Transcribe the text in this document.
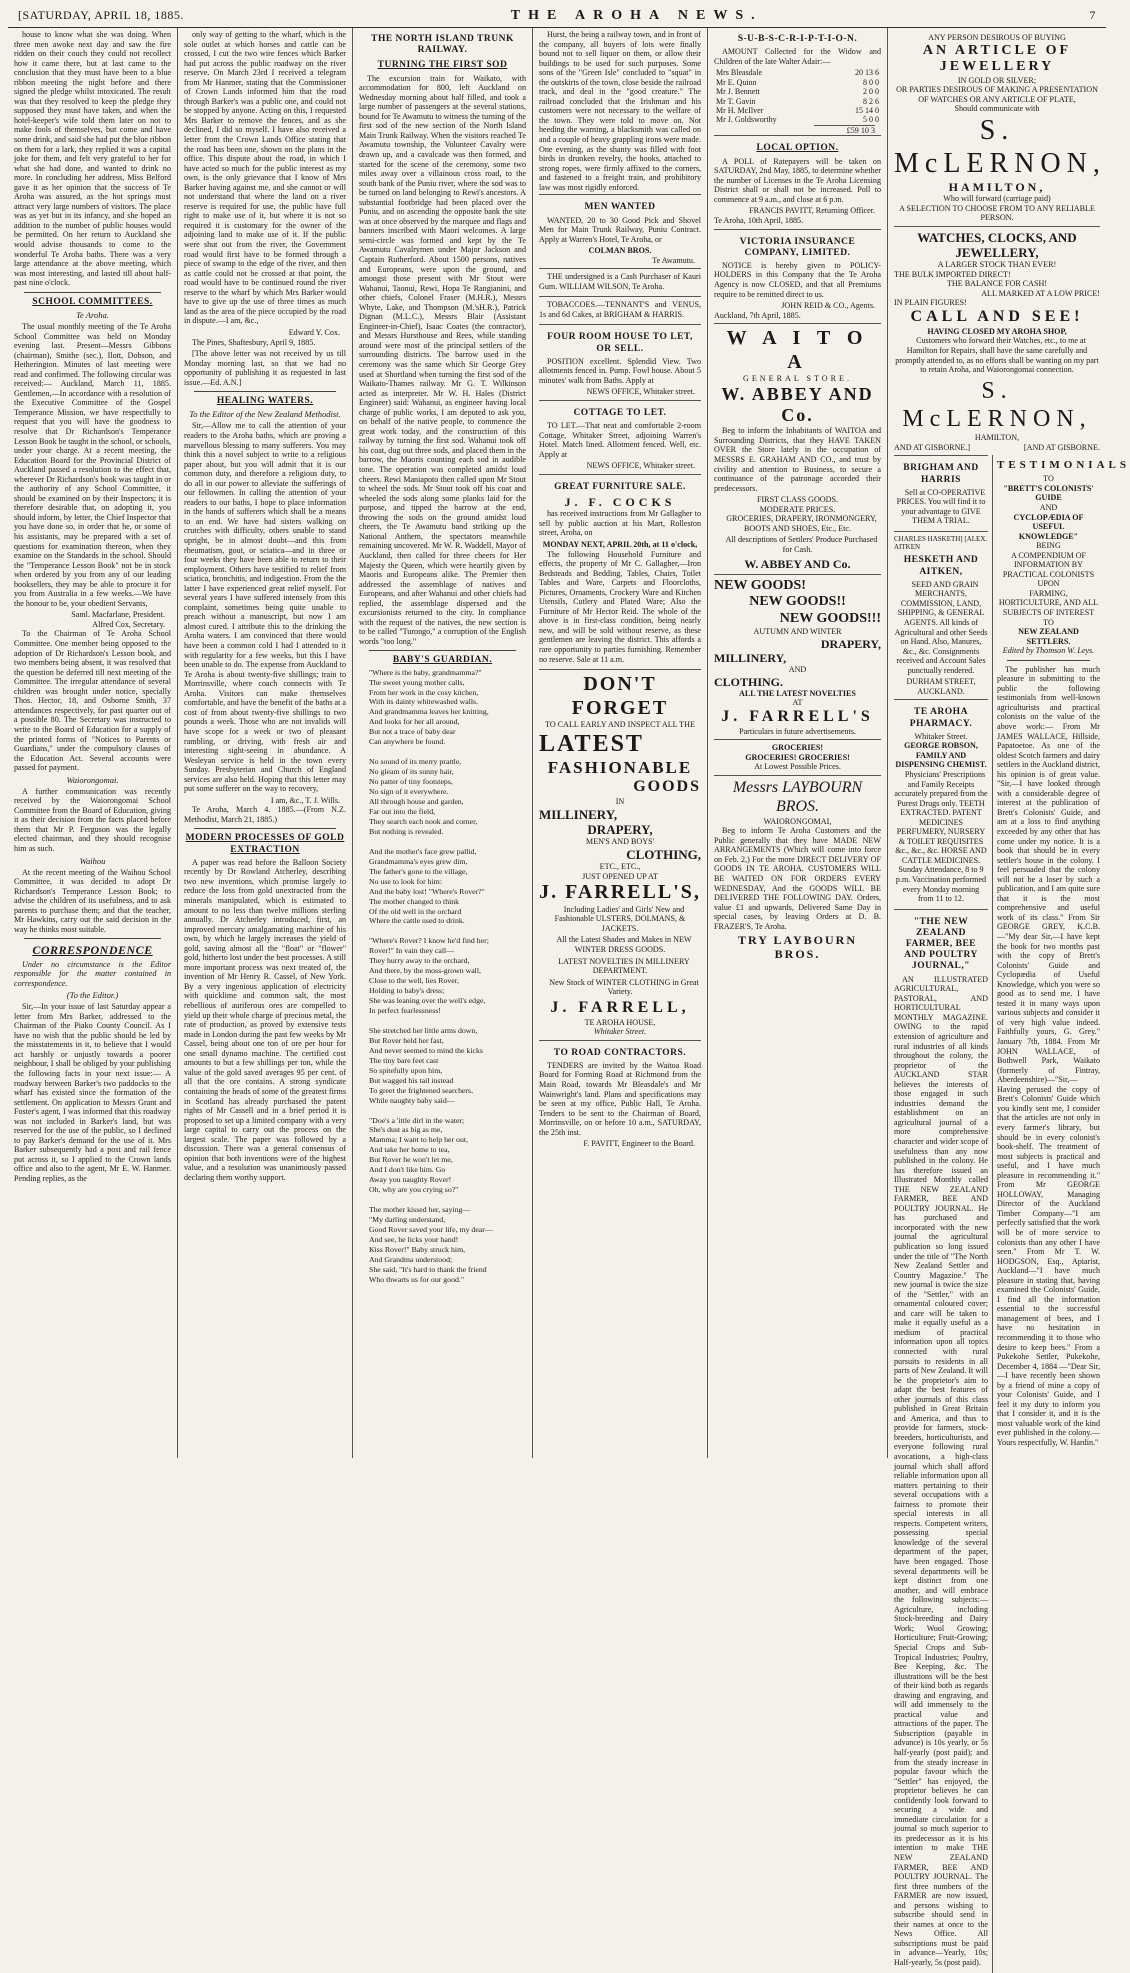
[SATURDAY, APRIL 18, 1885.	THE AROHA NEWS.	7

house to know what she was doing. When three men awoke next day and saw the fire ridden on their couch they could not recollect how it came there, but at last came to the conclusion that they must have been to a blue ribbon meeting the night before and there signed the pledge whilst intoxicated. The result was that they resolved to keep the pledge they supposed they must have taken, and when the hotel-keeper's wife told them later on not to make fools of themselves, but come and have some drink, and said she had put the blue ribbon on them for a lark, they replied it was a capital joke for them, and felt very grateful to her for what she had done, and wanted to drink no more. In concluding her address, Miss Belford gave it as her opinion that the success of Te Aroha was assured, as the hot springs must attract very large numbers of visitors. The place was as yet but in its infancy, and she hoped an addition to the number of public houses would be permitted. On her return to Auckland she would advise thousands to come to the wonderful Te Aroha baths. There was a very large attendance at the above meeting, which was most interesting, and lasted till about half-past nine o'clock.

SCHOOL COMMITTEES.
Te Aroha.

The usual monthly meeting of the Te Aroha School Committee was held on Monday evening last. Present—Messrs Gibbons (chairman), Smithe (sec.), Ilott, Dobson, and Hetherington. Minutes of last meeting were read and confirmed. The following circular was received:— Auckland, March 11, 1885. Gentlemen,—In accordance with a resolution of the Executive Committee of the Gospel Temperance Mission, we have respectfully to request that you will have the goodness to resolve that Dr Richardson's Temperance Lesson Book be taught in the school, or schools, under your charge. At a recent meeting, the Education Board for the Provincial District of Auckland passed a resolution to the effect that, wherever Dr Richardson's book was taught in or the authority of any School Committee, it should be examined on by their Inspectors; it is therefore desirable that, on adopting it, you should inform, by letter, the Chief Inspector that you have done so, in order that he, or some of his assistants, may be prepared with a set of questions for examination thereon, when they examine on the Standards in the school. Should the "Temperance Lesson Book" not be in stock when ordered by you from any of our leading booksellers, they may be able to procure it for you from Australia in a few weeks.—We have the honour to be, your obedient Servants,

Saml. Macfarlane, President.
Alfred Cox, Secretary.

To the Chairman of Te Aroha School Committee. One member being opposed to the adoption of Dr Richardson's Lesson book, and two members being absent, it was resolved that the question be deferred till next meeting of the Committee. The irregular attendance of several children was brought under notice, specially Thos. Hector, 18, and Osborne Smith, 37 attendances respectively, for past quarter out of a possible 80. The Secretary was instructed to write to the Board of Education for a supply of the printed forms of "Notices to Parents or Guardians," under the compulsory clauses of the Education Act. Several accounts were passed for payment.

Waiorongomai.

A further communication was recently received by the Waiorongomai School Committee from the Board of Education, giving it as their decision from the facts placed before them that Mr P. Ferguson was the legally elected chairman, and they should recognise him as such.

Waihou

At the recent meeting of the Waihou School Committee, it was decided to adopt Dr Richardson's Temperance Lesson Book; to advise the children of its usefulness, and to ask parents to purchase them; and that the teacher, Mr Hawkins, carry out the said decision in the way he thinks most suitable.

CORRESPONDENCE

Under no circumstance is the Editor responsible for the matter contained in correspondence.

(To the Editor.)

Sir,—In your issue of last Saturday appear a letter from Mrs Barker, addressed to the Chairman of the Piako County Council. As I have no wish that the public should be led by the misstatements in it, to believe that I would act harshly or unjustly towards a poorer neighbour, I shall be obliged by your publishing the following facts in your next issue:— A roadway between Barker's two paddocks to the wharf has existed since the formation of the settlement. On application to Messrs Grant and Foster's agent, I was informed that this roadway was not included in Barker's land, but was reserved for the use of the public, so I declined to pay Barker's demand for the use of it. Mrs Barker subsequently had a post and rail fence put across it, so I applied to the Crown lands office and also to the agent, Mr E. W. Hanmer. Pending replies, as the

only way of getting to the wharf, which is the sole outlet at which horses and cattle can be crossed, I cut the two wire fences which Barker had put across the public roadway on the river reserve. On March 23rd I received a telegram from Mr Hanmer, stating that the Commissioner of Crown Lands informed him that the road through Barker's was a public one, and could not be stopped by anyone. Acting on this, I requested Mrs Barker to remove the fences, and as she declined, I did so myself. I have also received a letter from the Crown Lands Office stating that the road has been one, shown on the plans in the office. This dispute about the road, in which I have acted so much for the public interest as my own, is the only grievance that I know of Mrs Barker having against me, and she cannot or will not understand that where the land on a river reserve is required for use, the public have full right to make use of it, but where it is not so required it is customary for the owner of the adjoining land to make use of it. If the public were shut out from the river, the Government road would first have to be formed through a piece of swamp to the edge of the river, and then as cattle could not be crossed at that point, the road would have to be continued round the river reserve to the wharf by which Mrs Barker would have to give up the use of three times as much land as the area of the piece occupied by the road in dispute.—I am, &c.,

Edward Y. Cox.

The Pines, Shaftesbury, April 9, 1885.

[The above letter was not received by us till Monday morning last, so that we had no opportunity of publishing it as requested in last issue.—Ed. A.N.]

HEALING WATERS.
To the Editor of the New Zealand Methodist.

Sir,—Allow me to call the attention of your readers to the Aroha baths, which are proving a marvellous blessing to many sufferers. You may think this a novel subject to write to a religious paper about, but you will admit that it is our common duty, and therefore a religious duty, to do all in our power to alleviate the sufferings of our fellowmen. In calling the attention of your readers to our baths, I hope to place information in the hands of sufferers which shall be a means to an end. We have had sisters walking on crutches with difficulty, others unable to stand upright, be in almost doubt—and this from rheumatism, gout, or sciatica—and in three or four weeks they have been able to return to their employment. Others have testified to relief from sciatica, bronchitis, and indigestion. From the the latter I have experienced great relief myself. For several years I have suffered intensely from this complaint, sometimes being quite unable to preach without a manuscript, but now I am almost cured. I attribute this to the drinking the Aroha waters. I am convinced that there would have been a common cold I had I attended to it with regularity for a few weeks, but this I have been unable to do. The expense from Auckland to Te Aroha is about twenty-five shillings; train to Morrinsville, where coach connects with Te Aroha. Visitors can make themselves comfortable, and have the benefit of the baths at a cost of from about twenty-five shillings to two pounds a week. Those who are not invalids will have scope for a week or two of pleasant rambling, or driving, with fresh air and interesting sight-seeing in abundance. A Wesleyan service is held in the town every Sunday. Presbyterian and Church of England services are also held. Hoping that this letter may put some sufferer on the way to recovery,

I am, &c., T. J. Wills.

Te Aroha, March 4. 1885.—(From N.Z. Methodist, March 21, 1885.)

MODERN PROCESSES OF GOLD EXTRACTION

A paper was read before the Balloon Society recently by Dr Rowland Atcherley, describing two new inventions, which promise largely to reduce the loss from gold unextracted from the minerals manipulated, which is estimated to amount to no less than twelve millions sterling annually. Dr Atcherley introduced, first, an improved mercury amalgamating machine of his own, by which he largely increases the yield of gold, saving almost all the "float" or "flower" gold, hitherto lost under the best processes. A still more important process was next treated of, the invention of Mr Henry R. Cassel, of New York. By a very ingenious application of electricity with quicklime and common salt, the most rebellious of auriferous ores are compelled to yield up their whole charge of precious metal, the rate of production, as proved by extensive tests made in London during the past few weeks by Mr Cassel, being about one ton of ore per hour for one small dynamo machine. The certified cost amounts to but a few shillings per ton, while the value of the gold saved averages 95 per cent. of all that the ore contains. A strong syndicate containing the heads of some of the greatest firms in Scotland has already purchased the patent rights of Mr Cassell and in a brief period it is proposed to set up a limited company with a very large capital to carry out the process on the largest scale. The paper was followed by a discussion. There was a general consensus of opinion that both inventions were of the highest value, and a resolution was unanimously passed declaring them worthy support.

THE NORTH ISLAND TRUNK RAILWAY.
TURNING THE FIRST SOD

The excursion train for Waikato, with accommodation for 800, left Auckland on Wednesday morning about half filled, and took a large number of passengers at the several stations, bound for Te Awamutu to witness the turning of the first sod of the new section of the North Island Main Trunk Railway. When the visitors reached Te Awamutu township, the Volunteer Cavalry were drawn up, and a cavalcade was then formed, and started for the scene of the ceremony, some two miles away over a villainous cross road, to the south bank of the Puniu river, where the sod was to be turned on land belonging to Rewi's ancestors. A substantial footbridge had been placed over the Puniu, and on ascending the opposite bank the site was at once observed by the marquee and flags and banners inscribed with Maori welcomes. A large semi-circle was formed and kept by the Te Awamutu Cavalrymen under Major Jackson and Captain Rutherford. About 1500 persons, natives and Europeans, were upon the ground, and amongst those present with Mr Stout were Wahanui, Taonui, Rewi, Hopa Te Rangianini, and other chiefs, Colonel Fraser (M.H.R.), Messrs Whyte, Lake, and Thompson (M.'sH.R.), Patrick Dignan (M.L.C.), Messrs Blair (Assistant Engineer-in-Chief), Isaac Coates (the contractor), and Messrs Hursthouse and Rees, while standing around were most of the principal settlers of the surrounding districts. The barrow used in the ceremony was the same which Sir George Grey used at Shortland when turning the first sod of the Waikato-Thames railway. Mr G. T. Wilkinson acted as interpreter. Mr W. H. Hales (District Engineer) said: Wahanui, as engineer having local charge of public works, I am deputed to ask you, on behalf of the native people, to commence the great work today, and the construction of this railway by turning the first sod. Wahanui took off his coat, dug out three sods, and placed them in the barrow, the Maoris counting each sod in audible tone. The operation was completed amidst loud cheers. Rewi Maniapoto then called upon Mr Stout to wheel the sods. Mr Stout took off his coat and wheeled the sods along some planks laid for the purpose, and tipped the barrow at the end, throwing the sods on the ground amidst loud cheers, the Te Awamutu band striking up the National Anthem, the spectators meanwhile remaining uncovered. Mr W. R. Waddell, Mayor of Auckland, then called for three cheers for Her Majesty the Queen, which were heartily given by Maoris and Europeans alike. The Premier then addressed the assemblage of natives and Europeans, and after Wahanui and other chiefs had replied, the assemblage dispersed and the excursionists returned to the city. In compliance with the request of the natives, the new section is to be called "Turongo," a corruption of the English words "too long."

BABY'S GUARDIAN.
"Where is the baby, grandmamma?"
The sweet young mother calls,
From her work in the cosy kitchen,
With its dainty whitewashed walls.
And grandmamma leaves her knitting,
And looks for her all around,
But not a trace of baby dear
Can anywhere be found.

No sound of its merry prattle,
No gleam of its sunny hair,
No patter of tiny footsteps,
No sign of it everywhere.
All through house and garden,
Far out into the field,
They search each nook and corner,
But nothing is revealed.

And the mother's face grew pallid,
Grandmamma's eyes grew dim,
The father's gone to the village,
No use to look for him:
And the baby lost! "Where's Rover?"
The mother changed to think
Of the old well in the orchard
Where the cattle used to drink.

"Where's Rover? I know he'd find her;
Rover!" In vain they call—
They hurry away to the orchard,
And there, by the moss-grown wall,
Close to the well, lies Rover,
Holding to baby's dress;
She was leaning over the well's edge,
In perfect fearlessness!

She stretched her little arms down,
But Rover held her fast,
And never seemed to mind the kicks
The tiny bare feet cast
So spitefully upon him,
But wagged his tail instead
To greet the frightened searchers,
While naughty baby said—

"Doe's a 'ittle dirl in the water;
She's dust as big as me,
Mamma; I want to help her out,
And take her home to tea,
But Rover he won't let me,
And I don't like him. Go
Away you naughty Rover!
Oh, why are you crying so?"

The mother kissed her, saying—
"My darling understand,
Good Rover saved your life, my dear—
And see, he licks your hand!
Kiss Rover!" Baby struck him,
And Grandma understood;
She said, "It's hard to thank the friend
Who thwarts us for our good."

Hurst, the being a railway town, and in front of the company, all buyers of lots were finally bound not to sell liquor on them, or allow their buildings to be used for such purposes. Some sons of the "Green Isle" concluded to "squat" in the outskirts of the town, close beside the railroad track, and deal in the "good creature." The railroad concluded that the Irishman and his customers were not necessary to the welfare of the town. They were told to move on. Not heeding the warning, a blacksmith was called on and a couple of heavy grappling irons were made. One evening, as the shanty was filled with foot birds in drunken revelry, the hooks, attached to strong ropes, were firmly affixed to the corners, and fastened to a freight train, and prohibitory law was most rigidly enforced.

MEN WANTED

WANTED, 20 to 30 Good Pick and Shovel Men for Main Trunk Railway, Puniu Contract. Apply at Warren's Hotel, Te Aroha, or

COLMAN BROS.
Te Awamutu.

THE undersigned is a Cash Purchaser of Kauri Gum. WILLIAM WILSON, Te Aroha.

TOBACCOES.—TENNANT'S and VENUS, 1s and 6d Cakes, at BRIGHAM & HARRIS.

FOUR ROOM HOUSE TO LET, OR SELL.

POSITION excellent. Splendid View. Two allotments fenced in. Pump. Fowl house. About 5 minutes' walk from Baths. Apply at

NEWS OFFICE, Whitaker street.
COTTAGE TO LET.

TO LET.—That neat and comfortable 2-room Cottage, Whitaker Street, adjoining Warren's Hotel. Match lined. Allotment fenced. Well, etc. Apply at

NEWS OFFICE, Whitaker street.
GREAT FURNITURE SALE.
J. F. COCKS

has received instructions from Mr Gallagher to sell by public auction at his Mart, Rolleston street, Aroha, on

MONDAY NEXT, APRIL 20th, at 11 o'clock,

The following Household Furniture and effects, the property of Mr C. Gallagher,—Iron Bedsteads and Bedding, Tables, Chairs, Toilet Tables and Ware, Carpets and Floorcloths, Pictures, Ornaments, Crockery Ware and Kitchen Utensils, Cutlery and Plated Ware; Also the Furniture of Mr Hector Reid. The whole of the above is in first-class condition, being nearly new, and will be sold without reserve, as these gentlemen are leaving the district. This affords a rare opportunity to parties furnishing. Remember no reserve. Sale at 11 a.m.

DON'T FORGET
TO CALL EARLY AND INSPECT ALL THE
LATEST
FASHIONABLE
GOODS
IN
MILLINERY,
DRAPERY,
MEN'S AND BOYS'
CLOTHING,
ETC., ETC.,
JUST OPENED UP AT
J. FARRELL'S,

Including Ladies' and Girls' New and Fashionable ULSTERS, DOLMANS, & JACKETS.

All the Latest Shades and Makes in NEW WINTER DRESS GOODS.

LATEST NOVELTIES IN MILLINERY DEPARTMENT.

New Stock of WINTER CLOTHING in Great Variety.

J. FARRELL,
TE AROHA HOUSE,
Whitaker Street.
TO ROAD CONTRACTORS.

TENDERS are invited by the Waitoa Road Board for Forming Road at Richmond from the Main Road, towards Mr Bleasdale's and Mr Wainwright's land. Plans and specifications may be seen at my office, Public Hall, Te Aroha. Tenders to be sent to the Chairman of Board, Morrinsville, on or before 10 a.m., SATURDAY, the 25th inst.

F. PAVITT, Engineer to the Board.
S-U-B-S-C-R-I-P-T-I-O-N.

AMOUNT Collected for the Widow and Children of the late Walter Adair:—

Mrs Bleasdale	20 13 6
Mr E. Quinn	8 0 0
Mr J. Bennett	2 0 0
Mr T. Gavin	8 2 6
Mr H. McIlver	15 14 0
Mr J. Goldsworthy	5 0 0
£59 10 3
LOCAL OPTION.

A POLL of Ratepayers will be taken on SATURDAY, 2nd May, 1885, to determine whether the number of Licenses in the Te Aroha Licensing District shall or shall not be increased. Poll to commence at 9 a.m., and close at 6 p.m.

FRANCIS PAVITT, Returning Officer.
Te Aroha, 10th April, 1885.
VICTORIA INSURANCE COMPANY, LIMITED.

NOTICE is hereby given to POLICY-HOLDERS in this Company that the Te Aroha Agency is now CLOSED, and that all Premiums require to be remitted direct to us.

JOHN REID & CO., Agents.
Auckland, 7th April, 1885.
W A I T O A
GENERAL STORE.
W. ABBEY AND Co.

Beg to inform the Inhabitants of WAITOA and Surrounding Districts, that they HAVE TAKEN OVER the Store lately in the occupation of MESSRS E. GRAHAM AND CO., and trust by civility and attention to Business, to secure a continuance of the patronage accorded their predecessors.

FIRST CLASS GOODS.
MODERATE PRICES.

GROCERIES, DRAPERY, IRONMONGERY, BOOTS AND SHOES, Etc., Etc.

All descriptions of Settlers' Produce Purchased for Cash.

W. ABBEY AND Co.
NEW GOODS!
NEW GOODS!!
NEW GOODS!!!
AUTUMN AND WINTER
DRAPERY,
MILLINERY,
AND
CLOTHING.
ALL THE LATEST NOVELTIES
AT
J. FARRELL'S
Particulars in future advertisements.
GROCERIES!
GROCERIES! GROCERIES!
At Lowest Possible Prices.
Messrs LAYBOURN BROS.
WAIORONGOMAI,

Beg to inform Te Aroha Customers and the Public generally that they have MADE NEW ARRANGEMENTS (Which will come into force on Feb. 2,) For the more DIRECT DELIVERY OF GOODS IN TE AROHA. CUSTOMERS WILL BE WAITED ON FOR ORDERS EVERY WEDNESDAY, And the GOODS WILL BE DELIVERED THE FOLLOWING DAY. Orders, value £1 and upwards, Delivered Same Day in special cases, by leaving Orders at D. B. FRAZER'S, Te Aroha.

TRY LAYBOURN BROS.
ANY PERSON DESIROUS OF BUYING
AN ARTICLE OF JEWELLERY
IN GOLD OR SILVER;
OR PARTIES DESIROUS OF MAKING A PRESENTATION OF WATCHES OR ANY ARTICLE OF PLATE,
Should communicate with
S. McLERNON,
HAMILTON,
Who will forward (carriage paid)
A SELECTION TO CHOOSE FROM TO ANY RELIABLE PERSON.
WATCHES, CLOCKS, AND JEWELLERY,
A LARGER STOCK THAN EVER!
THE BULK IMPORTED DIRECT!
THE BALANCE FOR CASH!
ALL MARKED AT A LOW PRICE!
IN PLAIN FIGURES!
CALL AND SEE!
HAVING CLOSED MY AROHA SHOP,

Customers who forward their Watches, etc., to me at Hamilton for Repairs, shall have the same carefully and promptly attended to, as no efforts shall be wanting on my part to retain Aroha, and Waiorongomai connection.

S. McLERNON,
HAMILTON,
AND AT GISBORNE.]	[AND AT GISBORNE.
BRIGHAM AND HARRIS

Sell at CO-OPERATIVE PRICES. You will find it to your advantage to GIVE THEM A TRIAL.

CHARLES HASKETH] [ALEX. AITKEN
HESKETH AND AITKEN,

SEED AND GRAIN MERCHANTS, COMMISSION, LAND, SHIPPING, & GENERAL AGENTS. All kinds of Agricultural and other Seeds on Hand. Also, Manures, &c., &c. Consignments received and Account Sales punctually rendered.

DURHAM STREET, AUCKLAND.
TE AROHA PHARMACY.
Whitaker Street.
GEORGE ROBSON, FAMILY AND DISPENSING CHEMIST.

Physicians' Prescriptions and Family Receipts accurately prepared from the Purest Drugs only. TEETH EXTRACTED. PATENT MEDICINES PERFUMERY, NURSERY & TOILET REQUISITES &c., &c., &c. HORSE AND CATTLE MEDICINES. Sunday Attendance, 8 to 9 p.m. Vaccination performed every Monday morning from 11 to 12.

"THE NEW ZEALAND FARMER, BEE AND POULTRY JOURNAL,"

AN ILLUSTRATED AGRICULTURAL, PASTORAL, AND HORTICULTURAL MONTHLY MAGAZINE. OWING to the rapid extension of agriculture and rural industries of all kinds throughout the colony, the proprietor of the AUCKLAND STAR believes the interests of those engaged in such industries demand the establishment on an agricultural journal of a more comprehensive character and wider scope of usefulness than any now published in the colony. He has therefore issued an Illustrated Monthly called THE NEW ZEALAND FARMER, BEE AND POULTRY JOURNAL. He has purchased and incorporated with the new journal the agricultural publication so long issued under the title of "The North New Zealand Settler and Country Magazine." The new journal is twice the size of the "Settler," with an ornamental coloured cover; and care will be taken to make it equally useful as a medium of practical information upon all topics connected with rural pursuits to residents in all parts of New Zealand. It will be the proprietor's aim to adapt the best features of other journals of this class published in Great Britain and America, and thus to provide for farmers, stock-breeders, horticulturists, and everyone following rural avocations, a high-class journal which shall afford reliable information upon all matters pertaining to their several occupations with a fairness to promote their special interests in all respects. Competent writers, possessing special knowledge of the several department of the paper, have been engaged. Those several departments will be kept distinct from one another, and will embrace the following subjects:—Agriculture, including Stock-breeding and Dairy Work; Wool Growing; Horticulture; Fruit-Growing; Special Crops and Sub-Tropical Industries; Poultry, Bee Keeping, &c. The illustrations will be the best of their kind both as regards drawing and engraving, and will add immensely to the practical value and attractions of the paper. The Subscription (payable in advance) is 10s yearly, or 5s half-yearly (post paid); and from the steady increase in popular favour which the "Settler" has enjoyed, the proprietor believes he can confidently look forward to securing a wide and immediate circulation for a journal so much superior to its predecessor as it is his intention to make THE NEW ZEALAND FARMER, BEE AND POULTRY JOURNAL. The first three numbers of the FARMER are now issued, and persons wishing to subscribe should send in their names at once to the News Office. All subscriptions must be paid in advance—Yearly, 10s; Half-yearly, 5s (post paid).

TESTIMONIALS
TO
"BRETT'S COLONISTS' GUIDE
AND
CYCLOPÆDIA OF USEFUL
KNOWLEDGE"
BEING
A COMPENDIUM OF INFORMATION BY
PRACTICAL COLONISTS
UPON
FARMING, HORTICULTURE, AND ALL
SUBJECTS OF INTEREST
TO
NEW ZEALAND SETTLERS.
Edited by Thomson W. Leys.

The publisher has much pleasure in submitting to the public the following testimonials from well-known agriculturists and practical colonists on the value of the above work:— From Mr JAMES WALLACE, Hillside, Papatoetoe. As one of the oldest Scotch farmers and dairy settlers in the Auckland district, his opinion is of great value. "Sir,—I have looked through with a considerable degree of interest at the publication of Brett's Colonists' Guide, and am at a loss to find anything exceeded by any other that has come under my notice. It is a book that should be in every settler's house in the colony. I feel persuaded that the colony will not be a loser by such a publication, and I am quite sure that it is the most comprehensive and useful work of its class." From Sir GEORGE GREY, K.C.B.—"My dear Sir,—I have kept the book for two months past with the copy of Brett's Colonists' Guide and Cyclopædia of Useful Knowledge, which you were so good as to send me. I have tested it in many ways upon various subjects and consider it of very high value indeed. Faithfully yours, G. Grey." January 7th, 1884. From Mr JOHN WALLACE, of Bothwell Park, Waikato (formerly of Fintray, Aberdeenshire)—"Sir,—Having perused the copy of Brett's Colonists' Guide which you kindly sent me, I consider that the articles are not only in every farmer's library, but should be in every colonist's book-shelf. The treatment of most subjects is practical and useful, and I have much pleasure in recommending it." From Mr GEORGE HOLLOWAY, Managing Director of the Auckland Timber Company—"I am perfectly satisfied that the work will be of more service to colonists than any other I have seen." From Mr T. W. HODGSON, Esq., Apiarist, Auckland—"I have much pleasure in stating that, having examined the Colonists' Guide, I find all the information essential to the successful management of bees, and I have no hesitation in recommending it to those who desire to keep bees." From a Pukekohe Settler, Pukekohe, December 4, 1884 —"Dear Sir,—I have recently been shown by a friend of mine a copy of your Colonists' Guide, and I feel it my duty to inform you that I consider it, and it is the most valuable work of the kind ever published in the colony.—Yours respectfully, W. Hardin."
